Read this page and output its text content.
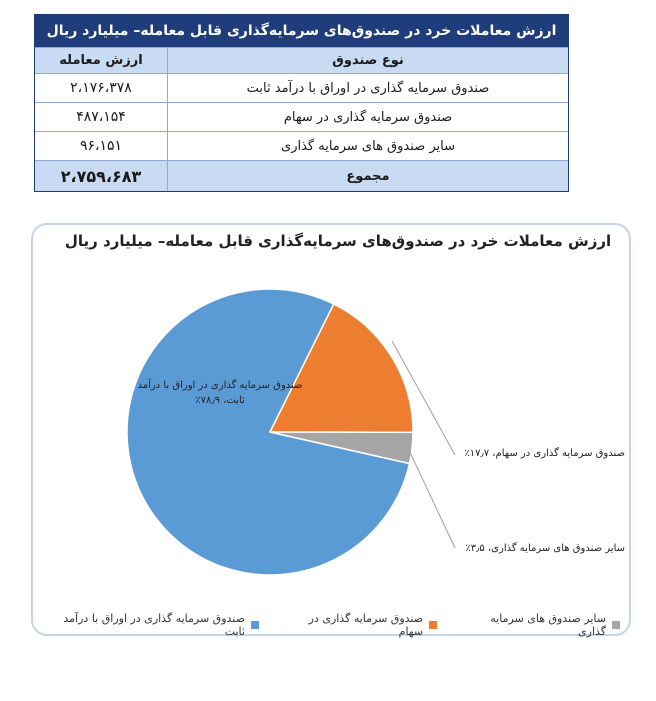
ارزش معاملات خرد در صندوق‌های سرمایه‌گذاری قابل معامله– میلیارد ریال
نوع صندوق
ارزش معامله
صندوق سرمایه گذاری در اوراق با درآمد ثابت
۲،۱۷۶،۳۷۸
صندوق سرمایه گذاری در سهام
۴۸۷،۱۵۴
سایر صندوق های سرمایه گذاری
۹۶،۱۵۱
مجموع
۲،۷۵۹،۶۸۳
ارزش معاملات خرد در صندوق‌های سرمایه‌گذاری قابل معامله– میلیارد ریال
صندوق سرمایه گذاری در اوراق با درآمد
ثابت، ۷۸٫۹٪
صندوق سرمایه گذاری در سهام، ۱۷٫۷٪
سایر صندوق های سرمایه گذاری، ۳٫۵٪
سایر صندوق های سرمایه گذاری
صندوق سرمایه گذاری در سهام
صندوق سرمایه گذاری در اوراق با درآمد ثابت
